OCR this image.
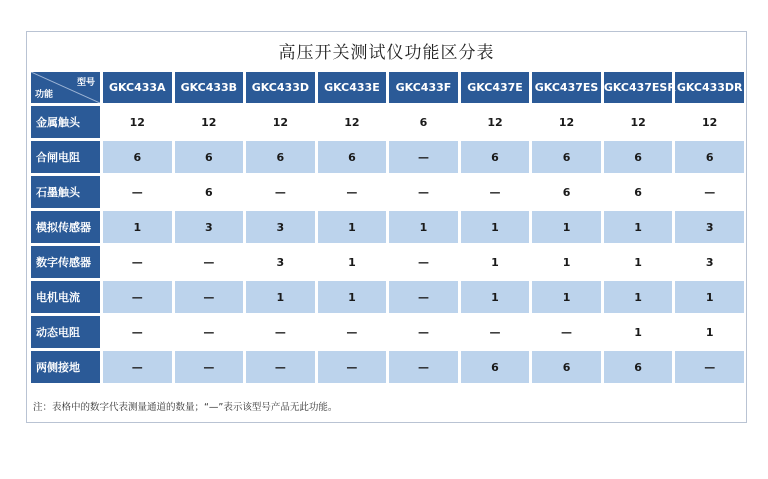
高压开关测试仪功能区分表
型号
功能	GKC433A	GKC433B	GKC433D	GKC433E	GKC433F	GKC437E	GKC437ES	GKC437ESR	GKC433DR
金属触头	12	12	12	12	6	12	12	12	12
合闸电阻	6	6	6	6	—	6	6	6	6
石墨触头	—	6	—	—	—	—	6	6	—
模拟传感器	1	3	3	1	1	1	1	1	3
数字传感器	—	—	3	1	—	1	1	1	3
电机电流	—	—	1	1	—	1	1	1	1
动态电阻	—	—	—	—	—	—	—	1	1
两侧接地	—	—	—	—	—	6	6	6	—
注：表格中的数字代表测量通道的数量；“—”表示该型号产品无此功能。
